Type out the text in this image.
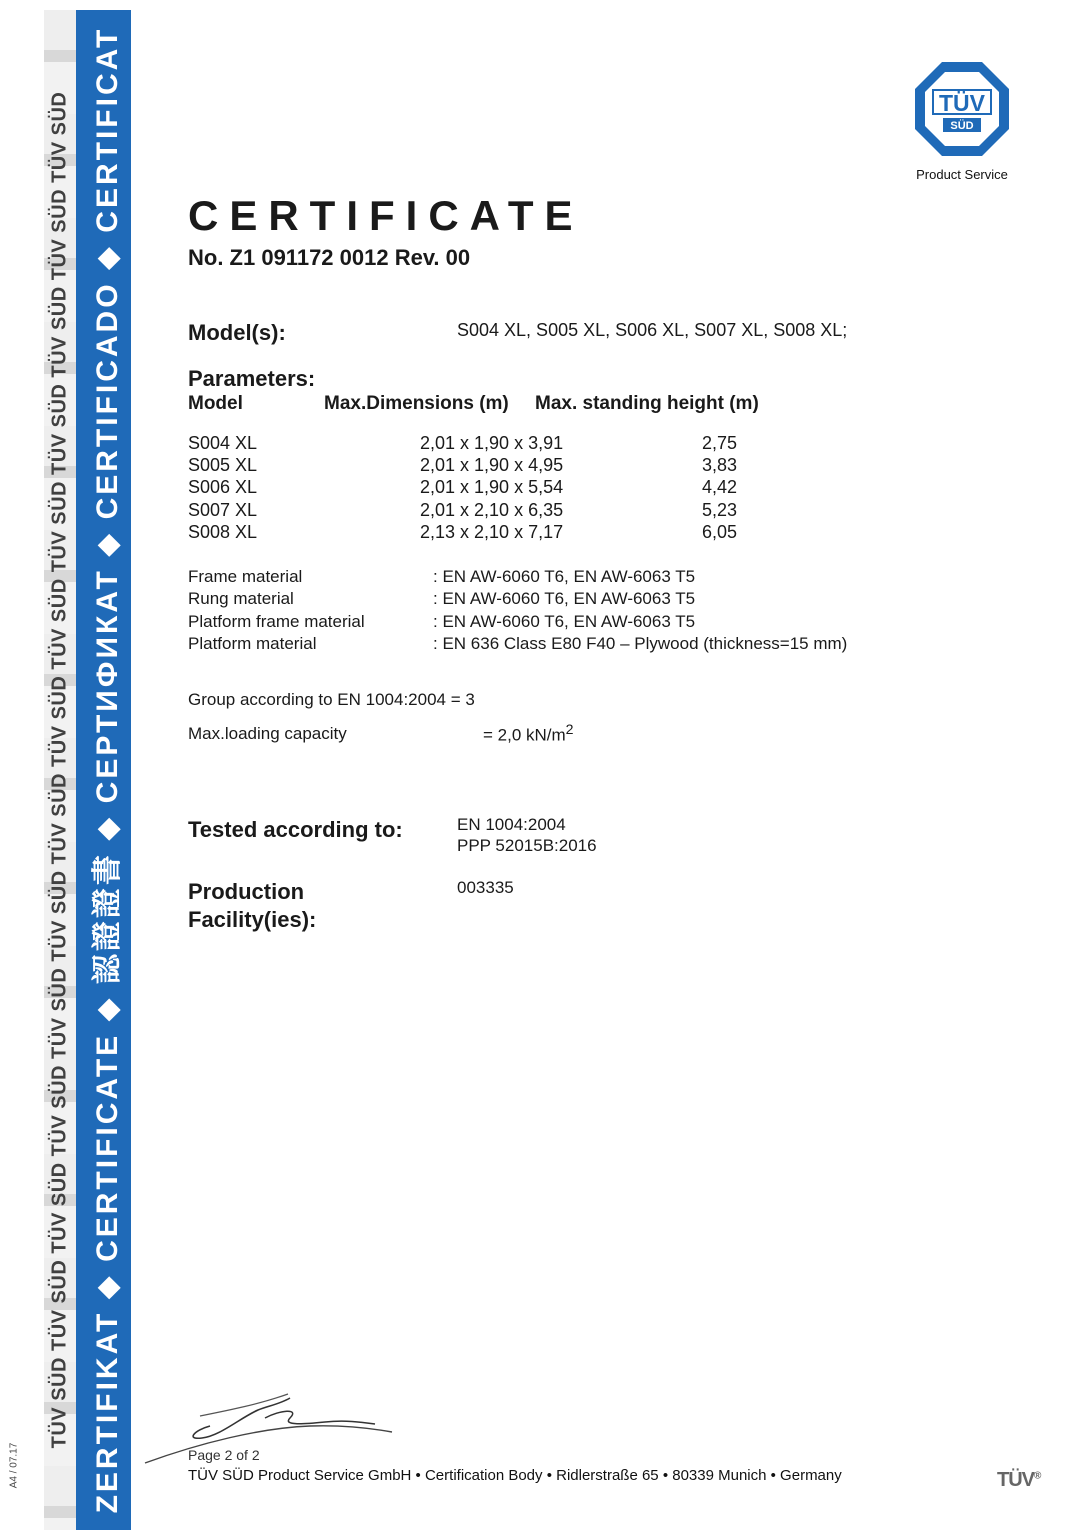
TÜV SÜD TÜV SÜD TÜV SÜD TÜV SÜD TÜV SÜD TÜV SÜD TÜV SÜD TÜV SÜD TÜV SÜD TÜV SÜD TÜV SÜD TÜV SÜD TÜV SÜD TÜV SÜD ZERTIFIKAT ◆ CERTIFICATE ◆ 認證證書 ◆ СЕРТИФИКАТ ◆ CERTIFICADO ◆ CERTIFICAT
A4 / 07.17
TÜV
SÜD
Product Service
CERTIFICATE
No. Z1 091172 0012 Rev. 00
Model(s):	S004 XL, S005 XL, S006 XL, S007 XL, S008 XL;
Parameters:
Model	Max.Dimensions (m) Max. standing height (m)
S004 XL	2,01 x 1,90 x 3,91	2,75
S005 XL	2,01 x 1,90 x 4,95	3,83
S006 XL	2,01 x 1,90 x 5,54	4,42
S007 XL	2,01 x 2,10 x 6,35	5,23
S008 XL	2,13 x 2,10 x 7,17	6,05
Frame material	: EN AW-6060 T6, EN AW-6063 T5
Rung material	: EN AW-6060 T6, EN AW-6063 T5
Platform frame material	: EN AW-6060 T6, EN AW-6063 T5
Platform material	: EN 636 Class E80 F40 – Plywood (thickness=15 mm)
Group according to EN 1004:2004 = 3
Max.loading capacity	= 2,0 $kN/m^2$
Tested according to:	EN 1004:2004
PPP 52015B:2016
Production
Facility(ies):
003335
Page 2 of 2
TÜV SÜD Product Service GmbH • Certification Body • Ridlerstraße 65 • 80339 Munich • Germany	TÜV®
